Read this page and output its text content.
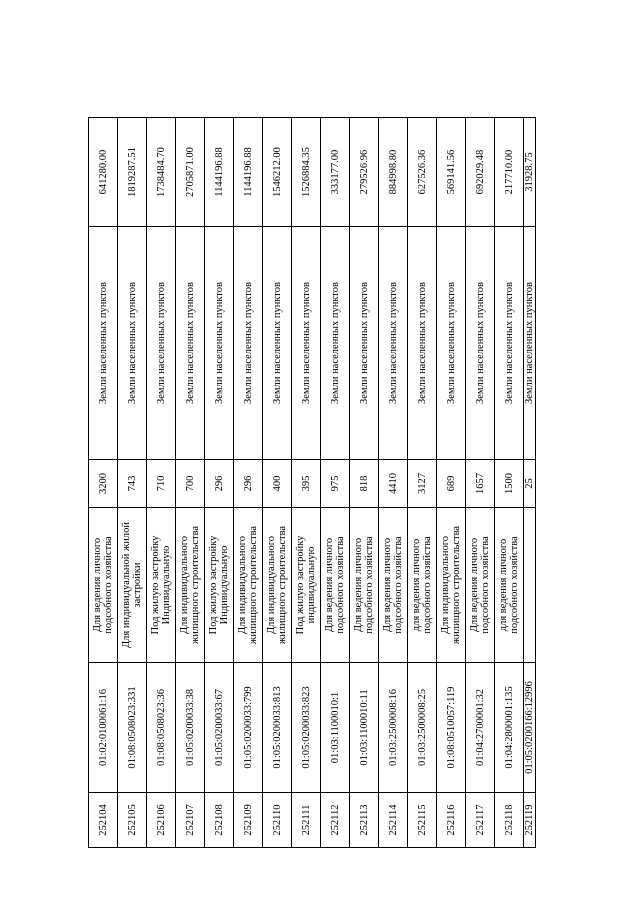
252104	01:02:0100061:16	Для ведения личного подсобного хозяйства	3200	Земли населенных пунктов	641280.00
252105	01:08:0508023:331	Для индивидуальной жилой застройки	743	Земли населенных пунктов	1819287.51
252106	01:08:0508023:36	Под жилую застройку Индивидуальную	710	Земли населенных пунктов	1738484.70
252107	01:05:0200033:38	Для индивидуального жилищного строительства	700	Земли населенных пунктов	2705871.00
252108	01:05:0200033:67	Под жилую застройку Индивидуальную	296	Земли населенных пунктов	1144196.88
252109	01:05:0200033:799	Для индивидуального жилищного строительства	296	Земли населенных пунктов	1144196.88
252110	01:05:0200033:813	Для индивидуального жилищного строительства	400	Земли населенных пунктов	1546212.00
252111	01:05:0200033:823	Под жилую застройку индивидуальную	395	Земли населенных пунктов	1526884.35
252112	01:03:1100010:1	Для ведения личного подсобного хозяйства	975	Земли населенных пунктов	333177.00
252113	01:03:1100010:11	Для ведения личного подсобного хозяйства	818	Земли населенных пунктов	279526.96
252114	01:03:2500008:16	Для ведения личного подсобного хозяйства	4410	Земли населенных пунктов	884998.80
252115	01:03:2500008:25	для ведения личного подсобного хозяйства	3127	Земли населенных пунктов	627526.36
252116	01:08:0510057:119	Для индивидуального жилищного строительства	689	Земли населенных пунктов	569141.56
252117	01:04:2700001:32	Для ведения личного подсобного хозяйства	1657	Земли населенных пунктов	692029.48
252118	01:04:2800001:135	для ведения личного подсобного хозяйства	1500	Земли населенных пунктов	217710.00
252119	01:05:0200166:12996		25	Земли населенных пунктов	31928.75
